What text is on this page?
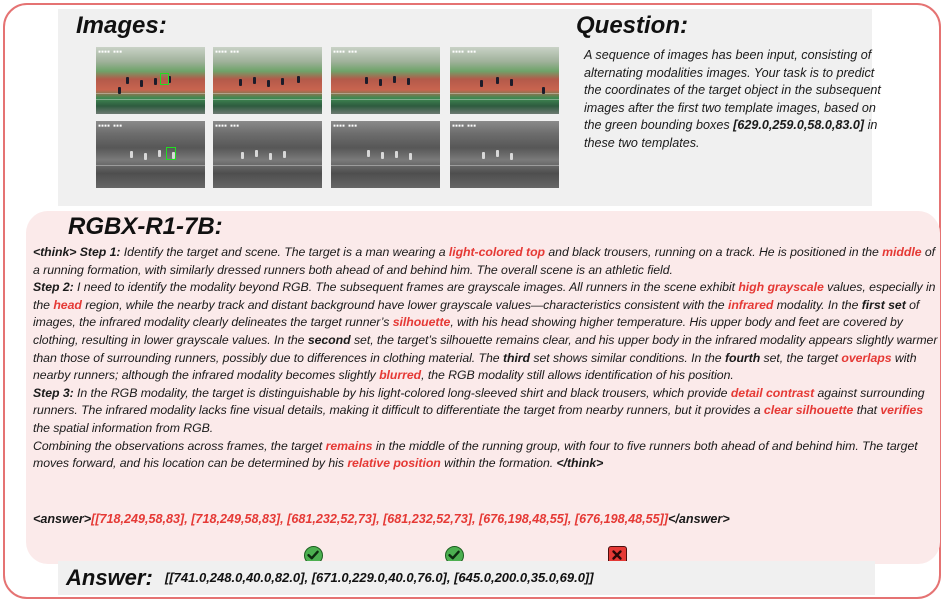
Images:	Question:
▪▪▪▪ ▪▪▪	▪▪▪▪ ▪▪▪	▪▪▪▪ ▪▪▪	▪▪▪▪ ▪▪▪
▪▪▪▪ ▪▪▪	▪▪▪▪ ▪▪▪	▪▪▪▪ ▪▪▪	▪▪▪▪ ▪▪▪
A sequence of images has been input, consisting of alternating modalities images. Your task is to predict the coordinates of the target object in the subsequent images after the first two template images, based on the green bounding boxes [629.0,259.0,58.0,83.0] in these two templates.
RGBX-R1-7B:
<think> Step 1: Identify the target and scene. The target is a man wearing a light-colored top and black trousers, running on a track. He is positioned in the middle of a running formation, with similarly dressed runners both ahead of and behind him. The overall scene is an athletic field.
Step 2: I need to identify the modality beyond RGB. The subsequent frames are grayscale images. All runners in the scene exhibit high grayscale values, especially in the head region, while the nearby track and distant background have lower grayscale values—characteristics consistent with the infrared modality. In the first set of images, the infrared modality clearly delineates the target runner’s silhouette, with his head showing higher temperature. His upper body and feet are covered by clothing, resulting in lower grayscale values. In the second set, the target’s silhouette remains clear, and his upper body in the infrared modality appears slightly warmer than those of surrounding runners, possibly due to differences in clothing material. The third set shows similar conditions. In the fourth set, the target overlaps with nearby runners; although the infrared modality becomes slightly blurred, the RGB modality still allows identification of his position.
Step 3: In the RGB modality, the target is distinguishable by his light-colored long-sleeved shirt and black trousers, which provide detail contrast against surrounding runners. The infrared modality lacks fine visual details, making it difficult to differentiate the target from nearby runners, but it provides a clear silhouette that verifies the spatial information from RGB.
Combining the observations across frames, the target remains in the middle of the running group, with four to five runners both ahead of and behind him. The target moves forward, and his location can be determined by his relative position within the formation. </think>
<answer>[[718,249,58,83], [718,249,58,83], [681,232,52,73], [681,232,52,73], [676,198,48,55], [676,198,48,55]]</answer>
Answer: [[741.0,248.0,40.0,82.0], [671.0,229.0,40.0,76.0], [645.0,200.0,35.0,69.0]]
